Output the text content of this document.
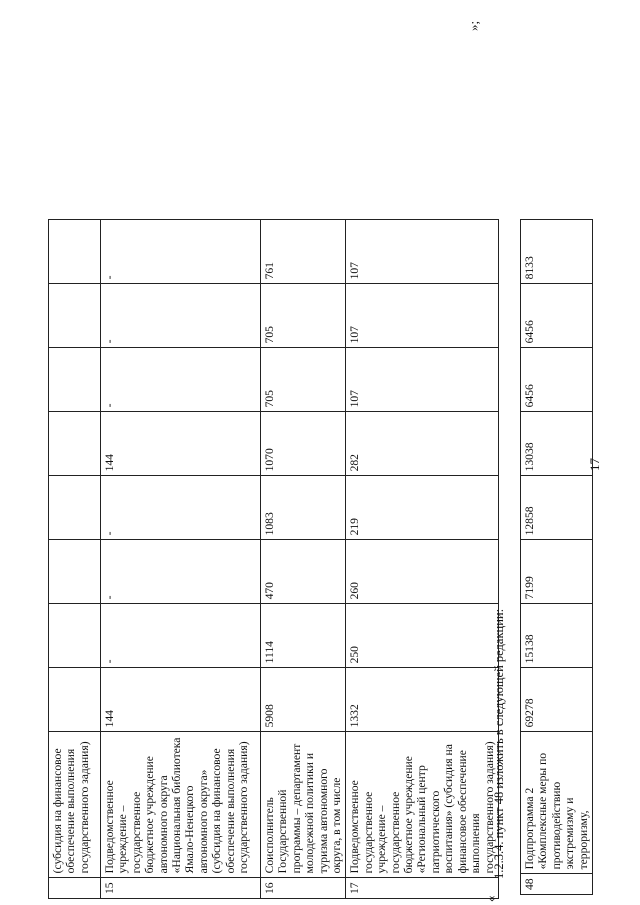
17
	(субсидия на финансовое обеспечение выполнения государственного задания)								
15	Подведомственное учреждение – государственное бюджетное учреждение автономного округа «Национальная библиотека Ямало-Ненецкого автономного округа» (субсидия на финансовое обеспечение выполнения государственного задания)	144	-	-	-	144	-	-	-
16	Соисполнитель Государственной программы – департамент молодежной политики и туризма автономного округа, в том числе	5908	1114	470	1083	1070	705	705	761
17	Подведомственное государственное учреждение – государственное бюджетное учреждение «Региональный центр патриотического воспитания» (субсидия на финансовое обеспечение выполнения государственного задания)	1332	250	260	219	282	107	107	107
»;
«
1.2.3.4. пункт 48 изложить в следующей редакции:
48	Подпрограмма 2 «Комплексные меры по противодействию экстремизму и терроризму,	69278	15138	7199	12858	13038	6456	6456	8133
